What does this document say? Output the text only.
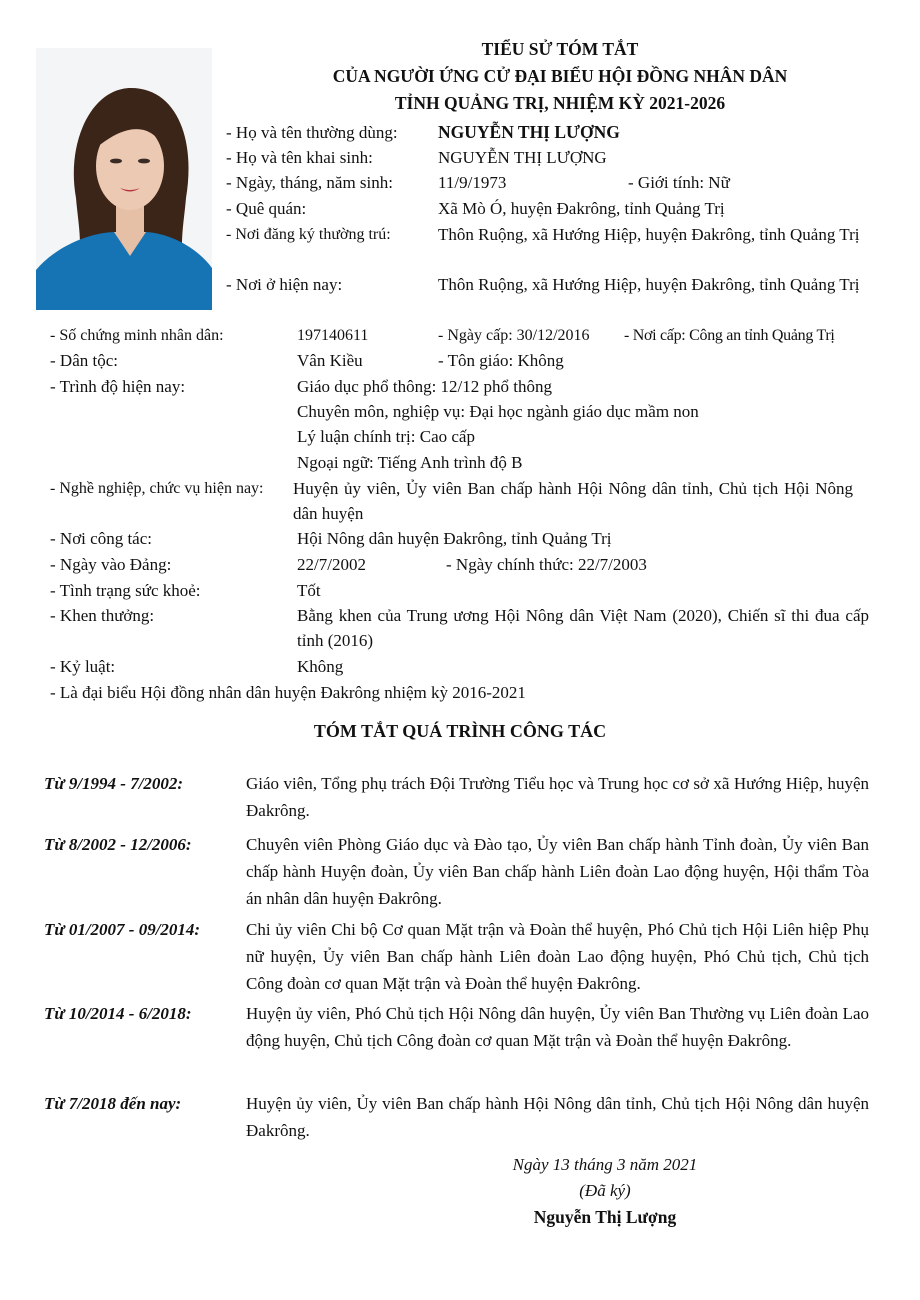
TIỂU SỬ TÓM TẮT
CỦA NGƯỜI ỨNG CỬ ĐẠI BIỂU HỘI ĐỒNG NHÂN DÂN
TỈNH QUẢNG TRỊ, NHIỆM KỲ 2021-2026
- Họ và tên thường dùng: NGUYỄN THỊ LƯỢNG
- Họ và tên khai sinh:	NGUYỄN THỊ LƯỢNG
- Ngày, tháng, năm sinh:	11/9/1973	- Giới tính: Nữ
- Quê quán:	Xã Mò Ó, huyện Đakrông, tỉnh Quảng Trị
- Nơi đăng ký thường trú:	Thôn Ruộng, xã Hướng Hiệp, huyện Đakrông, tỉnh Quảng Trị
- Nơi ở hiện nay:	Thôn Ruộng, xã Hướng Hiệp, huyện Đakrông, tỉnh Quảng Trị
- Số chứng minh nhân dân:	197140611	- Ngày cấp: 30/12/2016 - Nơi cấp: Công an tỉnh Quảng Trị
- Dân tộc:	Vân Kiều	- Tôn giáo: Không
- Trình độ hiện nay:	Giáo dục phổ thông: 12/12 phổ thông
Chuyên môn, nghiệp vụ: Đại học ngành giáo dục mầm non
Lý luận chính trị: Cao cấp
Ngoại ngữ: Tiếng Anh trình độ B
- Nghề nghiệp, chức vụ hiện nay: Huyện ủy viên, Ủy viên Ban chấp hành Hội Nông dân tỉnh, Chủ tịch Hội Nông dân huyện
- Nơi công tác:	Hội Nông dân huyện Đakrông, tỉnh Quảng Trị
- Ngày vào Đảng:	22/7/2002	- Ngày chính thức: 22/7/2003
- Tình trạng sức khoẻ:	Tốt
- Khen thưởng:	Bằng khen của Trung ương Hội Nông dân Việt Nam (2020), Chiến sĩ thi đua cấp tỉnh (2016)
- Kỷ luật:	Không
- Là đại biểu Hội đồng nhân dân huyện Đakrông nhiệm kỳ 2016-2021
TÓM TẮT QUÁ TRÌNH CÔNG TÁC
Từ 9/1994 - 7/2002:	Giáo viên, Tổng phụ trách Đội Trường Tiểu học và Trung học cơ sở xã Hướng Hiệp, huyện Đakrông.
Từ 8/2002 - 12/2006:	Chuyên viên Phòng Giáo dục và Đào tạo, Ủy viên Ban chấp hành Tỉnh đoàn, Ủy viên Ban chấp hành Huyện đoàn, Ủy viên Ban chấp hành Liên đoàn Lao động huyện, Hội thẩm Tòa án nhân dân huyện Đakrông.
Từ 01/2007 - 09/2014:	Chi ủy viên Chi bộ Cơ quan Mặt trận và Đoàn thể huyện, Phó Chủ tịch Hội Liên hiệp Phụ nữ huyện, Ủy viên Ban chấp hành Liên đoàn Lao động huyện, Phó Chủ tịch, Chủ tịch Công đoàn cơ quan Mặt trận và Đoàn thể huyện Đakrông.
Từ 10/2014 - 6/2018:	Huyện ủy viên, Phó Chủ tịch Hội Nông dân huyện, Ủy viên Ban Thường vụ Liên đoàn Lao động huyện, Chủ tịch Công đoàn cơ quan Mặt trận và Đoàn thể huyện Đakrông.
Từ 7/2018 đến nay:	Huyện ủy viên, Ủy viên Ban chấp hành Hội Nông dân tỉnh, Chủ tịch Hội Nông dân huyện Đakrông.
Ngày 13 tháng 3 năm 2021
(Đã ký)
Nguyễn Thị Lượng
